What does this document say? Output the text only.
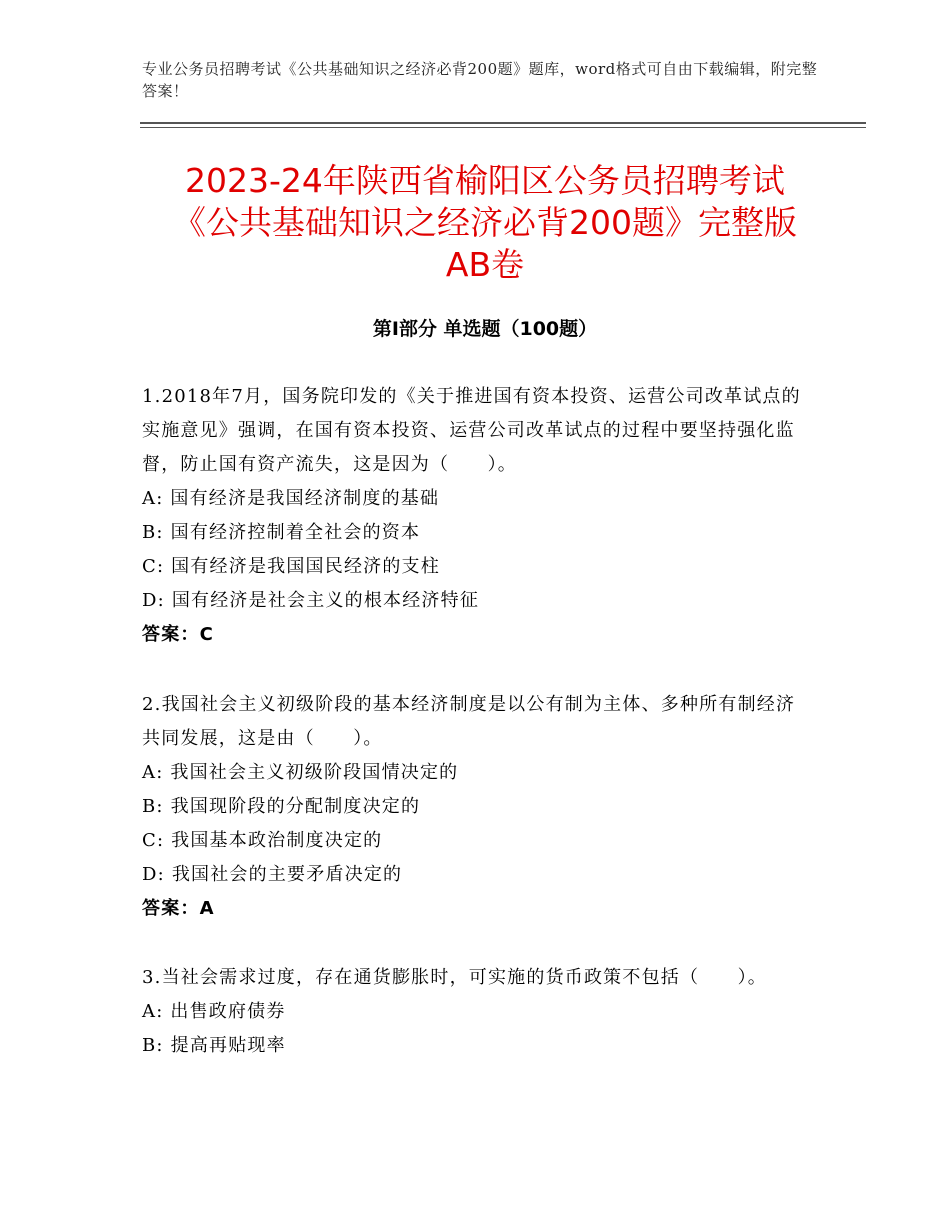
专业公务员招聘考试《公共基础知识之经济必背200题》题库，word格式可自由下载编辑，附完整答案！
2023-24年陕西省榆阳区公务员招聘考试
《公共基础知识之经济必背200题》完整版
AB卷
第Ⅰ部分 单选题（100题）
1.2018年7月，国务院印发的《关于推进国有资本投资、运营公司改革试点的实施意见》强调，在国有资本投资、运营公司改革试点的过程中要坚持强化监督，防止国有资产流失，这是因为（　　）。
A: 国有经济是我国经济制度的基础
B: 国有经济控制着全社会的资本
C: 国有经济是我国国民经济的支柱
D: 国有经济是社会主义的根本经济特征
答案：C
2.我国社会主义初级阶段的基本经济制度是以公有制为主体、多种所有制经济共同发展，这是由（　　）。
A: 我国社会主义初级阶段国情决定的
B: 我国现阶段的分配制度决定的
C: 我国基本政治制度决定的
D: 我国社会的主要矛盾决定的
答案：A
3.当社会需求过度，存在通货膨胀时，可实施的货币政策不包括（　　）。
A: 出售政府债券
B: 提高再贴现率
